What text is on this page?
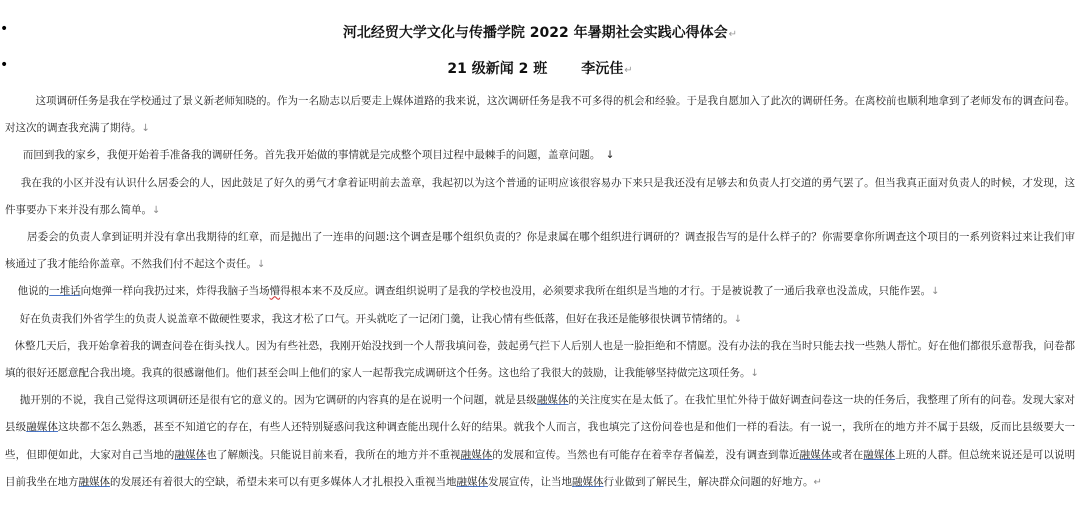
•
•
河北经贸大学文化与传播学院 2022 年暑期社会实践心得体会↵
21 级新闻 2 班 李沅佳↵

这项调研任务是我在学校通过了景义新老师知晓的。作为一名励志以后要走上媒体道路的我来说，这次调研任务是我不可多得的机会和经验。于是我自愿加入了此次的调研任务。在离校前也顺利地拿到了老师发布的调查问卷。对这次的调查我充满了期待。↓

而回到我的家乡，我便开始着手准备我的调研任务。首先我开始做的事情就是完成整个项目过程中最棘手的问题，盖章问题。　↓

我在我的小区并没有认识什么居委会的人，因此鼓足了好久的勇气才拿着证明前去盖章，我起初以为这个普通的证明应该很容易办下来只是我还没有足够去和负责人打交道的勇气罢了。但当我真正面对负责人的时候，才发现，这件事要办下来并没有那么简单。↓

居委会的负责人拿到证明并没有拿出我期待的红章，而是抛出了一连串的问题:这个调查是哪个组织负责的？你是隶属在哪个组织进行调研的？调查报告写的是什么样子的？你需要拿你所调查这个项目的一系列资料过来让我们审核通过了我才能给你盖章。不然我们付不起这个责任。↓

他说的一堆话向炮弹一样向我扔过来，炸得我脑子当场懵得根本来不及反应。调查组织说明了是我的学校也没用，必须要求我所在组织是当地的才行。于是被说教了一通后我章也没盖成，只能作罢。↓

好在负责我们外省学生的负责人说盖章不做硬性要求，我这才松了口气。开头就吃了一记闭门羹，让我心情有些低落，但好在我还是能够很快调节情绪的。↓

休整几天后，我开始拿着我的调查问卷在街头找人。因为有些社恐，我刚开始没找到一个人帮我填问卷，鼓起勇气拦下人后别人也是一脸拒绝和不情愿。没有办法的我在当时只能去找一些熟人帮忙。好在他们都很乐意帮我，问卷都填的很好还愿意配合我出境。我真的很感谢他们。他们甚至会叫上他们的家人一起帮我完成调研这个任务。这也给了我很大的鼓励，让我能够坚持做完这项任务。↓

抛开别的不说，我自己觉得这项调研还是很有它的意义的。因为它调研的内容真的是在说明一个问题，就是县级融媒体的关注度实在是太低了。在我忙里忙外待于做好调查问卷这一块的任务后，我整理了所有的问卷。发现大家对县级融媒体这块都不怎么熟悉，甚至不知道它的存在，有些人还特别疑惑问我这种调查能出现什么好的结果。就我个人而言，我也填完了这份问卷也是和他们一样的看法。有一说一，我所在的地方并不属于县级，反而比县级要大一些，但即便如此，大家对自己当地的融媒体也了解颇浅。只能说目前来看，我所在的地方并不重视融媒体的发展和宣传。当然也有可能存在着幸存者偏差，没有调查到靠近融媒体或者在融媒体上班的人群。但总统来说还是可以说明目前我坐在地方融媒体的发展还有着很大的空缺，希望未来可以有更多媒体人才扎根投入重视当地融媒体发展宣传，让当地融媒体行业做到了解民生，解决群众问题的好地方。↵
